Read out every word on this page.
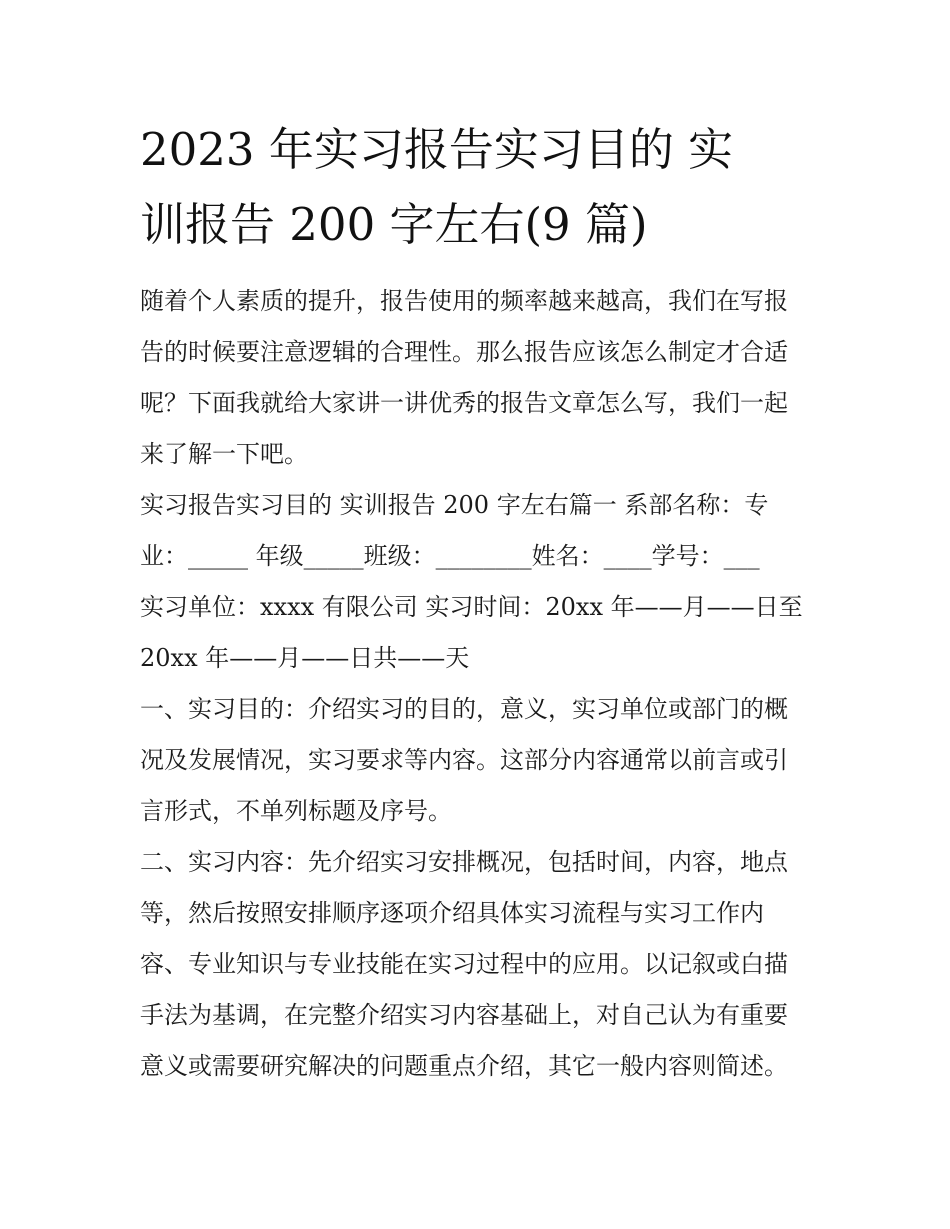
2023 年实习报告实习目的 实
训报告 200 字左右(9 篇)
随着个人素质的提升，报告使用的频率越来越高，我们在写报
告的时候要注意逻辑的合理性。那么报告应该怎么制定才合适
呢？下面我就给大家讲一讲优秀的报告文章怎么写，我们一起
来了解一下吧。
实习报告实习目的 实训报告 200 字左右篇一 系部名称：专
业：_____ 年级_____班级：________姓名：____学号：___
实习单位：xxxx 有限公司 实习时间：20xx 年——月——日至
20xx 年——月——日共——天
一、实习目的：介绍实习的目的，意义，实习单位或部门的概
况及发展情况，实习要求等内容。这部分内容通常以前言或引
言形式，不单列标题及序号。
二、实习内容：先介绍实习安排概况，包括时间，内容，地点
等，然后按照安排顺序逐项介绍具体实习流程与实习工作内
容、专业知识与专业技能在实习过程中的应用。以记叙或白描
手法为基调，在完整介绍实习内容基础上，对自己认为有重要
意义或需要研究解决的问题重点介绍，其它一般内容则简述。
